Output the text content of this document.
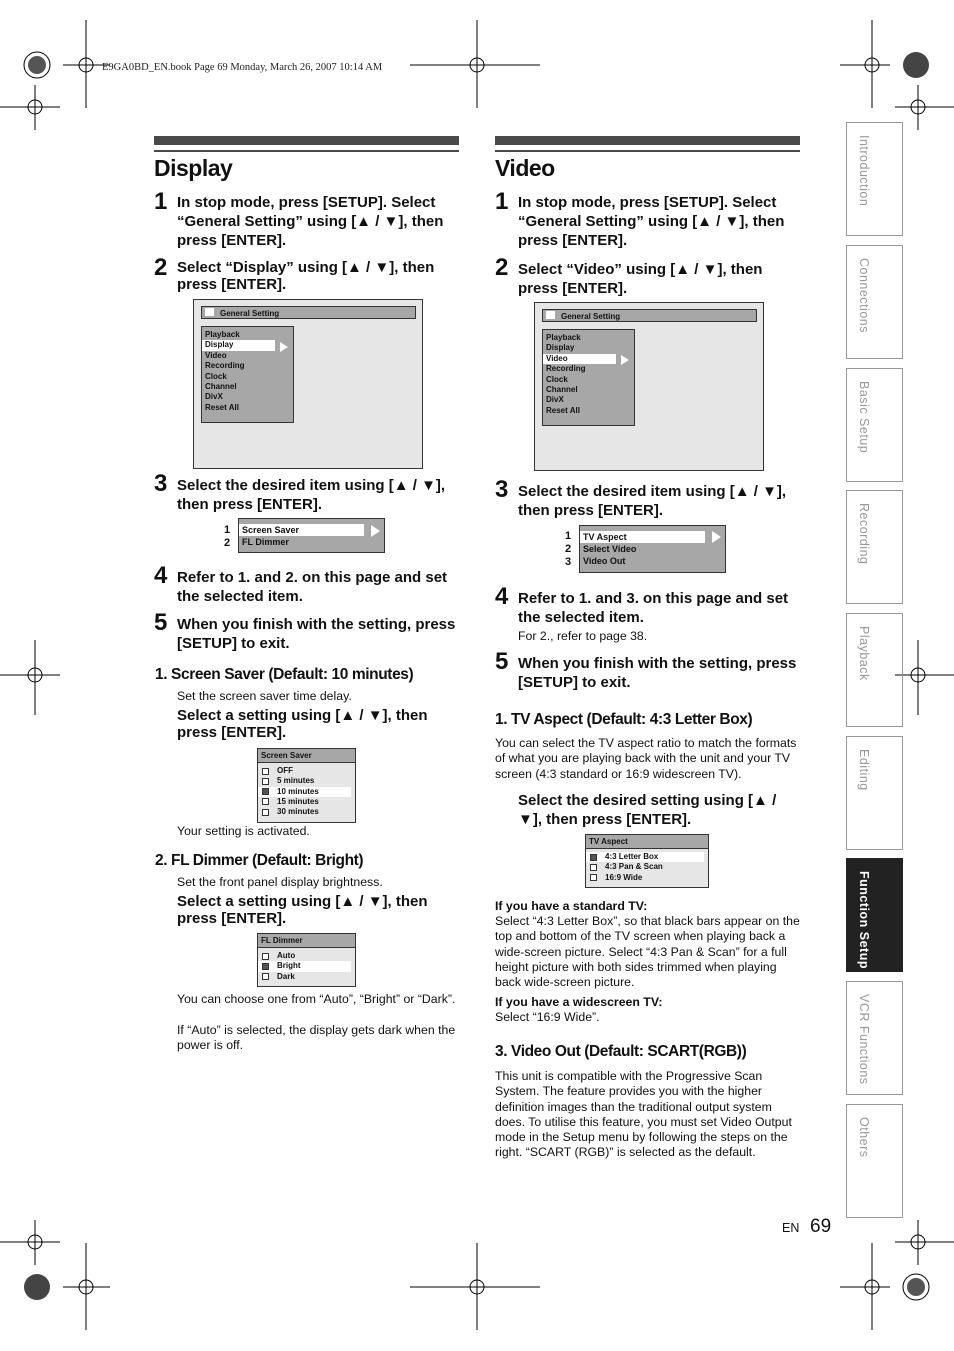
E9GA0BD_EN.book Page 69 Monday, March 26, 2007 10:14 AM
Display
1 In stop mode, press [SETUP]. Select “General Setting” using [▲ / ▼], then press [ENTER].
2 Select “Display” using [▲ / ▼], then press [ENTER].
General Setting
Playback
Display
Video
Recording
Clock
Channel
DivX
Reset All
3 Select the desired item using [▲ / ▼], then press [ENTER].
1
2
Screen Saver
FL Dimmer
4 Refer to 1. and 2. on this page and set the selected item.
5 When you finish with the setting, press [SETUP] to exit.
1. Screen Saver (Default: 10 minutes)
Set the screen saver time delay.
Select a setting using [▲ / ▼], then press [ENTER].
Screen Saver
OFF
5 minutes
10 minutes
15 minutes
30 minutes
Your setting is activated.
2. FL Dimmer (Default: Bright)
Set the front panel display brightness.
Select a setting using [▲ / ▼], then press [ENTER].
FL Dimmer
Auto
Bright
Dark
You can choose one from “Auto”, “Bright” or “Dark”.
If “Auto” is selected, the display gets dark when the power is off.
Video
1 In stop mode, press [SETUP]. Select “General Setting” using [▲ / ▼], then press [ENTER].
2 Select “Video” using [▲ / ▼], then press [ENTER].
General Setting
Playback
Display
Video
Recording
Clock
Channel
DivX
Reset All
3 Select the desired item using [▲ / ▼], then press [ENTER].
1
2
3
TV Aspect
Select Video
Video Out
4 Refer to 1. and 3. on this page and set the selected item.
For 2., refer to page 38.
5 When you finish with the setting, press [SETUP] to exit.
1. TV Aspect (Default: 4:3 Letter Box)
You can select the TV aspect ratio to match the formats of what you are playing back with the unit and your TV screen (4:3 standard or 16:9 widescreen TV).
Select the desired setting using [▲ / ▼], then press [ENTER].
TV Aspect
4:3 Letter Box
4:3 Pan & Scan
16:9 Wide
If you have a standard TV:
Select “4:3 Letter Box”, so that black bars appear on the top and bottom of the TV screen when playing back a wide-screen picture. Select “4:3 Pan & Scan” for a full height picture with both sides trimmed when playing back wide-screen picture.
If you have a widescreen TV:
Select “16:9 Wide”.
3. Video Out (Default: SCART(RGB))
This unit is compatible with the Progressive Scan System. The feature provides you with the higher definition images than the traditional output system does. To utilise this feature, you must set Video Output mode in the Setup menu by following the steps on the right. “SCART (RGB)” is selected as the default.
Introduction
Connections
Basic Setup
Recording
Playback
Editing
Function Setup
VCR Functions
Others
EN 69
